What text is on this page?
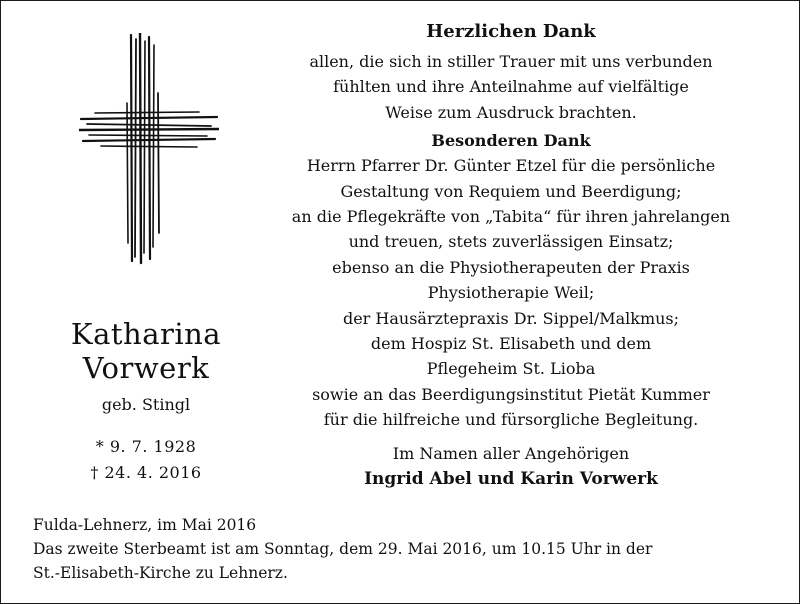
Katharina
Vorwerk
geb. Stingl
* 9. 7. 1928
† 24. 4. 2016
Herzlichen Dank
allen, die sich in stiller Trauer mit uns verbunden
fühlten und ihre Anteilnahme auf vielfältige
Weise zum Ausdruck brachten.
Besonderen Dank
Herrn Pfarrer Dr. Günter Etzel für die persönliche
Gestaltung von Requiem und Beerdigung;
an die Pflegekräfte von „Tabita“ für ihren jahrelangen
und treuen, stets zuverlässigen Einsatz;
ebenso an die Physiotherapeuten der Praxis
Physiotherapie Weil;
der Hausärztepraxis Dr. Sippel/Malkmus;
dem Hospiz St. Elisabeth und dem
Pflegeheim St. Lioba
sowie an das Beerdigungsinstitut Pietät Kummer
für die hilfreiche und fürsorgliche Begleitung.
Im Namen aller Angehörigen
Ingrid Abel und Karin Vorwerk
Fulda-Lehnerz, im Mai 2016
Das zweite Sterbeamt ist am Sonntag, dem 29. Mai 2016, um 10.15 Uhr in der
St.-Elisabeth-Kirche zu Lehnerz.
